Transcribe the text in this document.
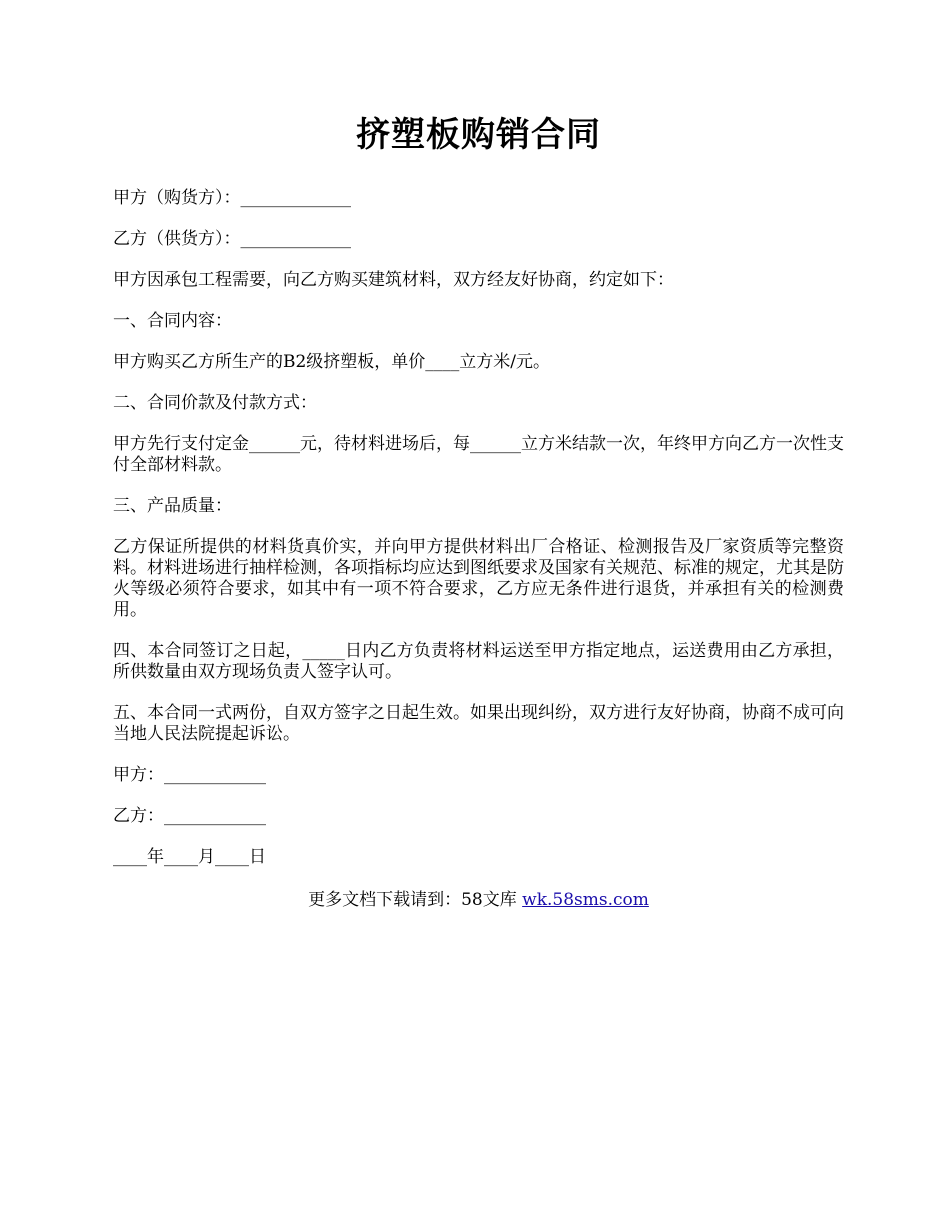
挤塑板购销合同

甲方（购货方）：_____________

乙方（供货方）：_____________

甲方因承包工程需要，向乙方购买建筑材料，双方经友好协商，约定如下：

一、合同内容：

甲方购买乙方所生产的B2级挤塑板，单价____立方米/元。

二、合同价款及付款方式：

甲方先行支付定金______元，待材料进场后，每______立方米结款一次，年终甲方向乙方一次性支付全部材料款。

三、产品质量：

乙方保证所提供的材料货真价实，并向甲方提供材料出厂合格证、检测报告及厂家资质等完整资料。材料进场进行抽样检测，各项指标均应达到图纸要求及国家有关规范、标准的规定，尤其是防火等级必须符合要求，如其中有一项不符合要求，乙方应无条件进行退货，并承担有关的检测费用。

四、本合同签订之日起，_____日内乙方负责将材料运送至甲方指定地点，运送费用由乙方承担，所供数量由双方现场负责人签字认可。

五、本合同一式两份，自双方签字之日起生效。如果出现纠纷，双方进行友好协商，协商不成可向当地人民法院提起诉讼。

甲方：____________

乙方：____________

____年____月____日

更多文档下载请到：58文库 wk.58sms.com
